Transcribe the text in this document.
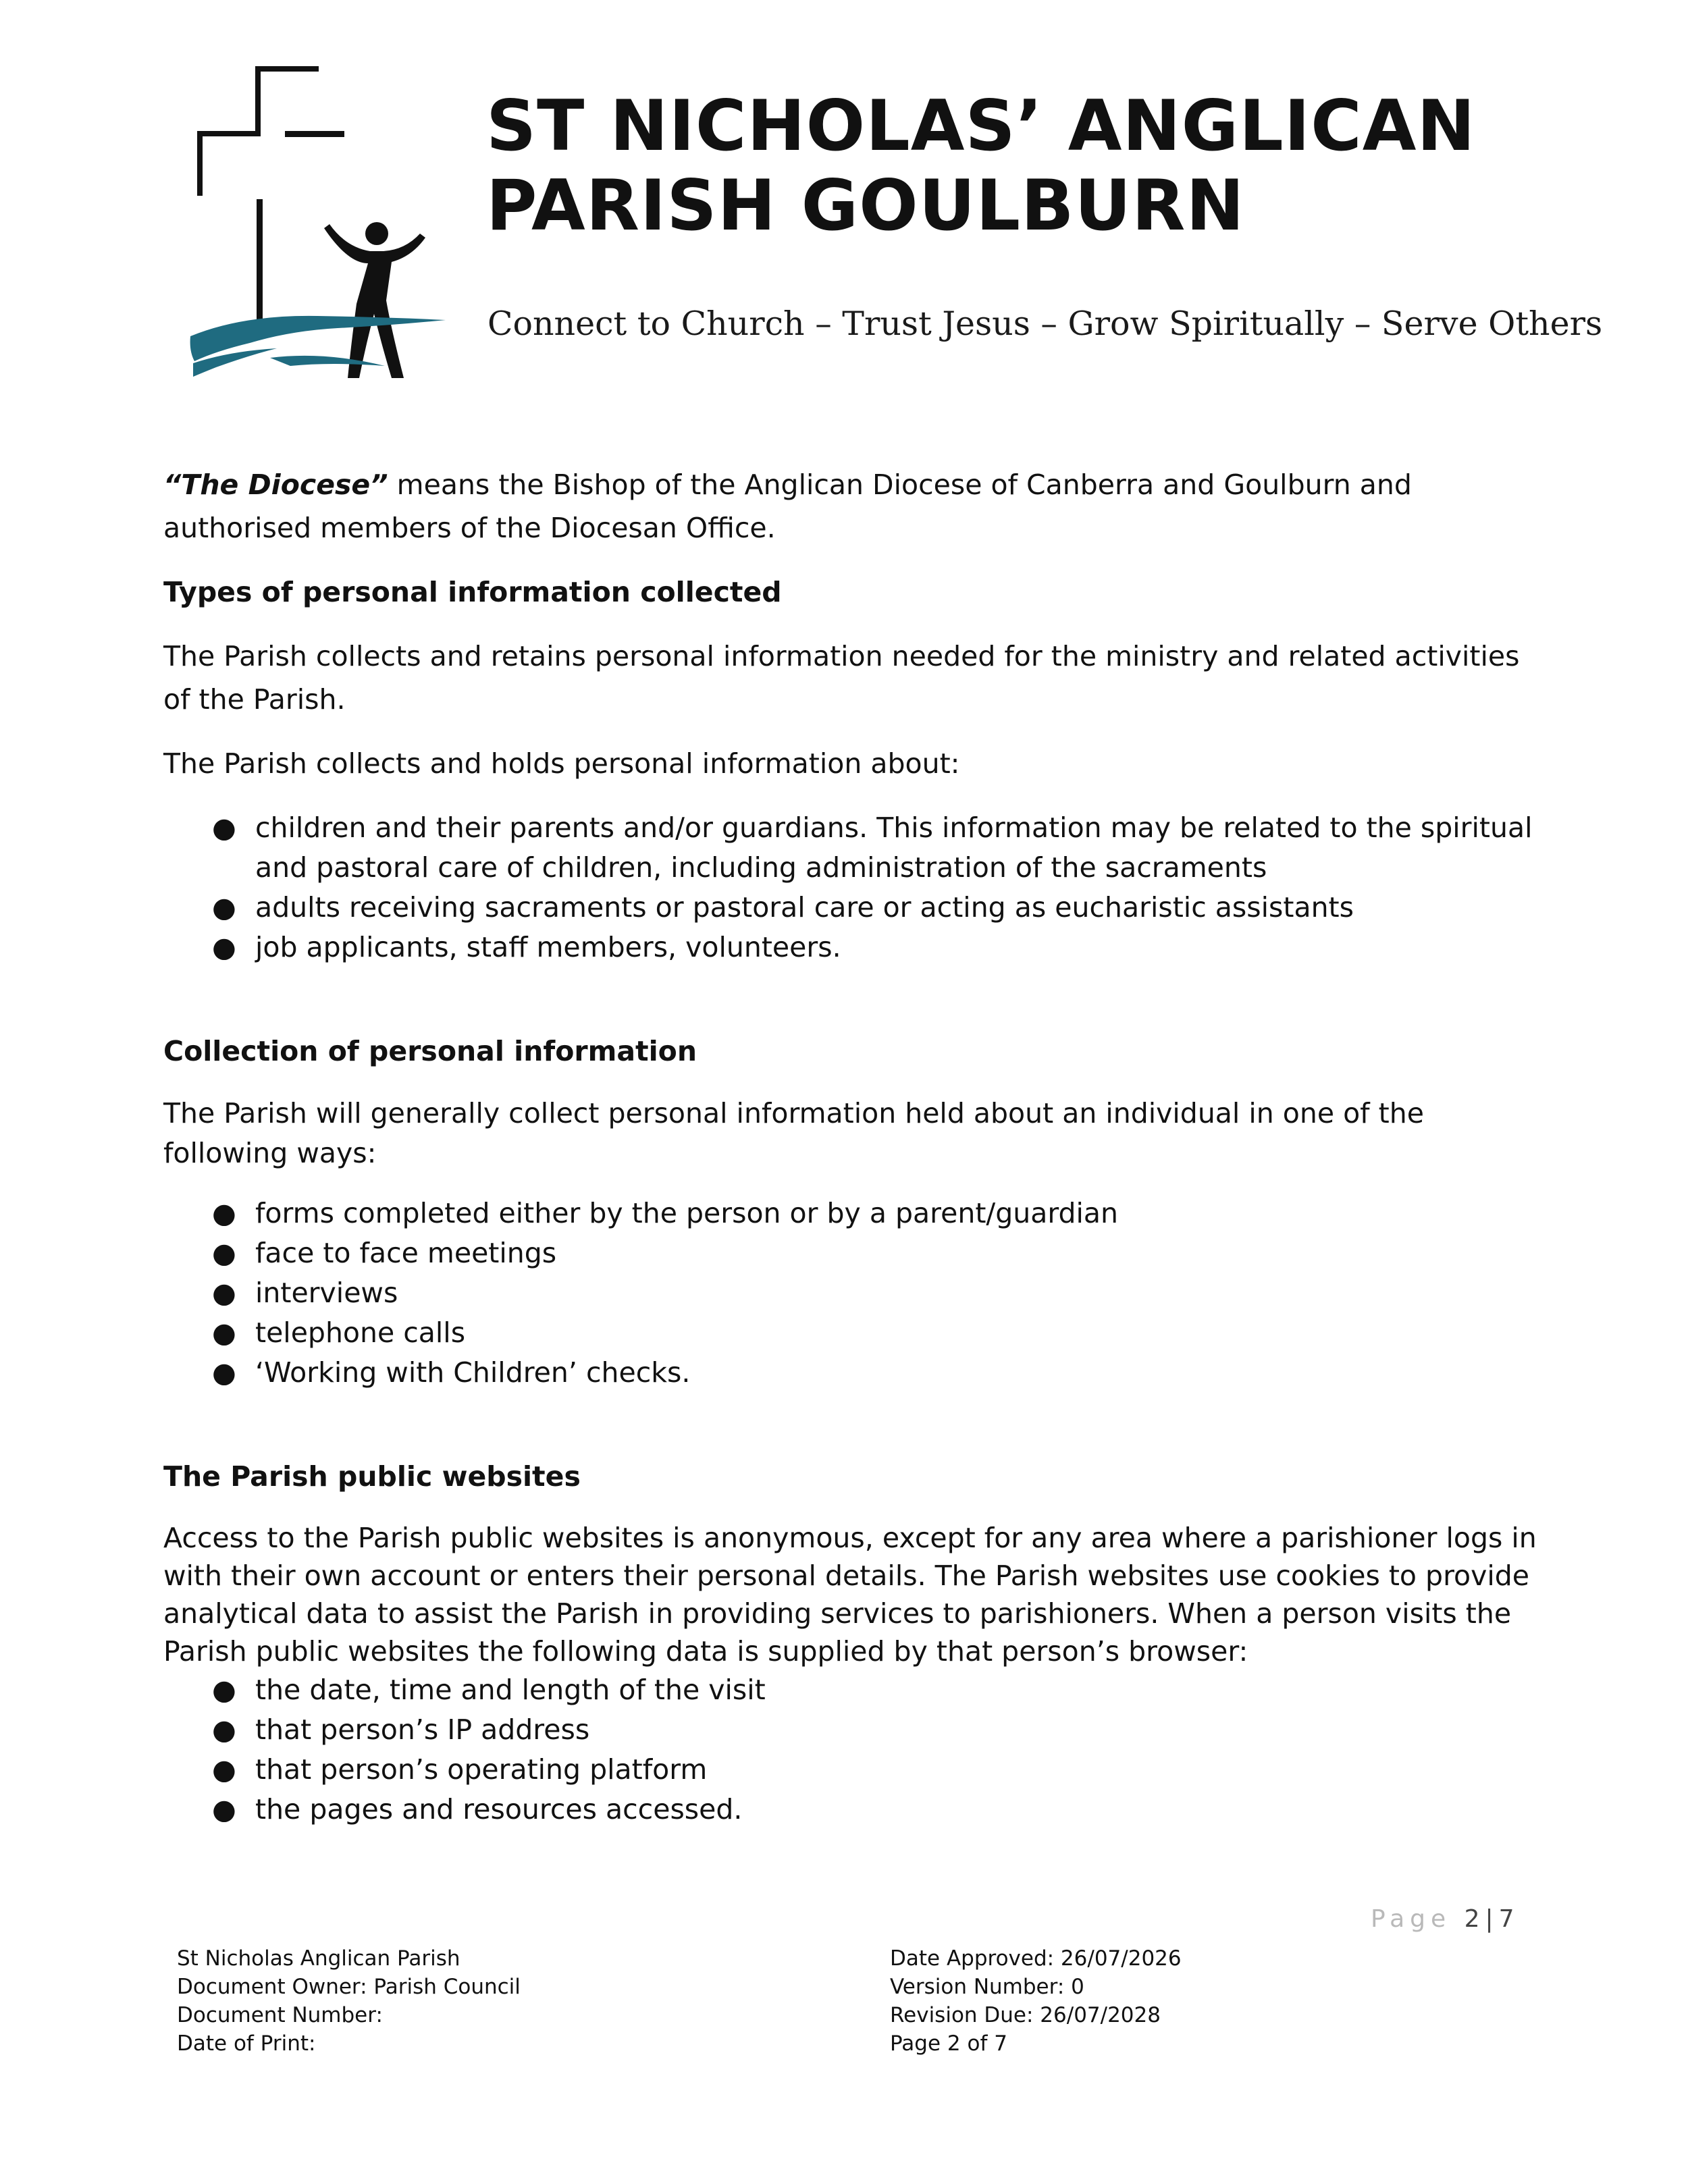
ST NICHOLAS’ ANGLICAN
PARISH GOULBURN
Connect to Church – Trust Jesus – Grow Spiritually – Serve Others

“The Diocese” means the Bishop of the Anglican Diocese of Canberra and Goulburn and authorised members of the Diocesan Office.

Types of personal information collected

The Parish collects and retains personal information needed for the ministry and related activities of the Parish.

The Parish collects and holds personal information about:

● children and their parents and/or guardians. This information may be related to the spiritual and pastoral care of children, including administration of the sacraments
● adults receiving sacraments or pastoral care or acting as eucharistic assistants
● job applicants, staff members, volunteers.
Collection of personal information

The Parish will generally collect personal information held about an individual in one of the following ways:

● forms completed either by the person or by a parent/guardian
● face to face meetings
● interviews
● telephone calls
● ‘Working with Children’ checks.
The Parish public websites

Access to the Parish public websites is anonymous, except for any area where a parishioner logs in with their own account or enters their personal details. The Parish websites use cookies to provide analytical data to assist the Parish in providing services to parishioners. When a person visits the Parish public websites the following data is supplied by that person’s browser:

● the date, time and length of the visit
● that person’s IP address
● that person’s operating platform
● the pages and resources accessed.
Page 2|7
St Nicholas Anglican Parish
Document Owner: Parish Council
Document Number:
Date of Print:
Date Approved: 26/07/2026
Version Number: 0
Revision Due: 26/07/2028
Page 2 of 7
